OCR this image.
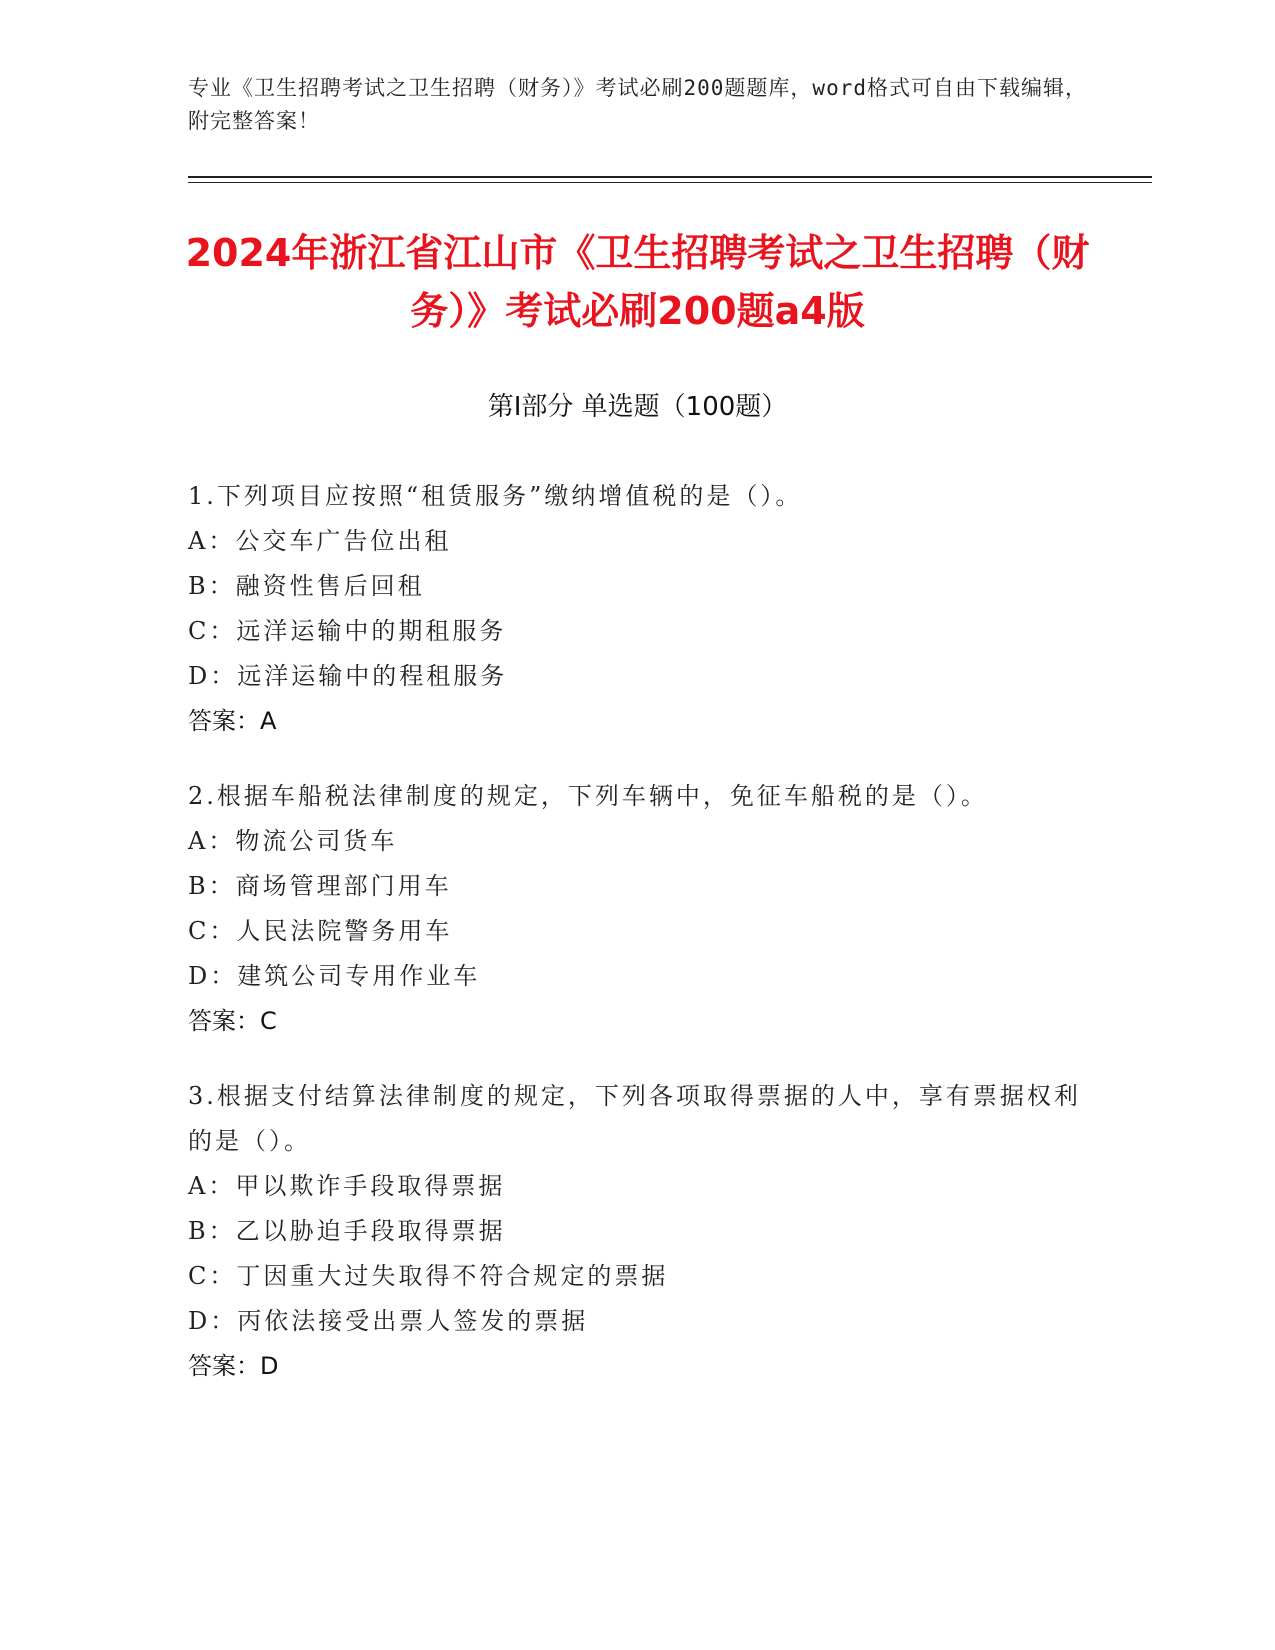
专业《卫生招聘考试之卫生招聘（财务）》考试必刷200题题库，word格式可自由下载编辑，附完整答案！
2024年浙江省江山市《卫生招聘考试之卫生招聘（财务）》考试必刷200题a4版
第I部分 单选题（100题）
1.下列项目应按照“租赁服务”缴纳增值税的是（）。
A：公交车广告位出租
B：融资性售后回租
C：远洋运输中的期租服务
D：远洋运输中的程租服务
答案：A
2.根据车船税法律制度的规定，下列车辆中，免征车船税的是（）。
A：物流公司货车
B：商场管理部门用车
C：人民法院警务用车
D：建筑公司专用作业车
答案：C
3.根据支付结算法律制度的规定，下列各项取得票据的人中，享有票据权利的是（）。
A：甲以欺诈手段取得票据
B：乙以胁迫手段取得票据
C：丁因重大过失取得不符合规定的票据
D：丙依法接受出票人签发的票据
答案：D
